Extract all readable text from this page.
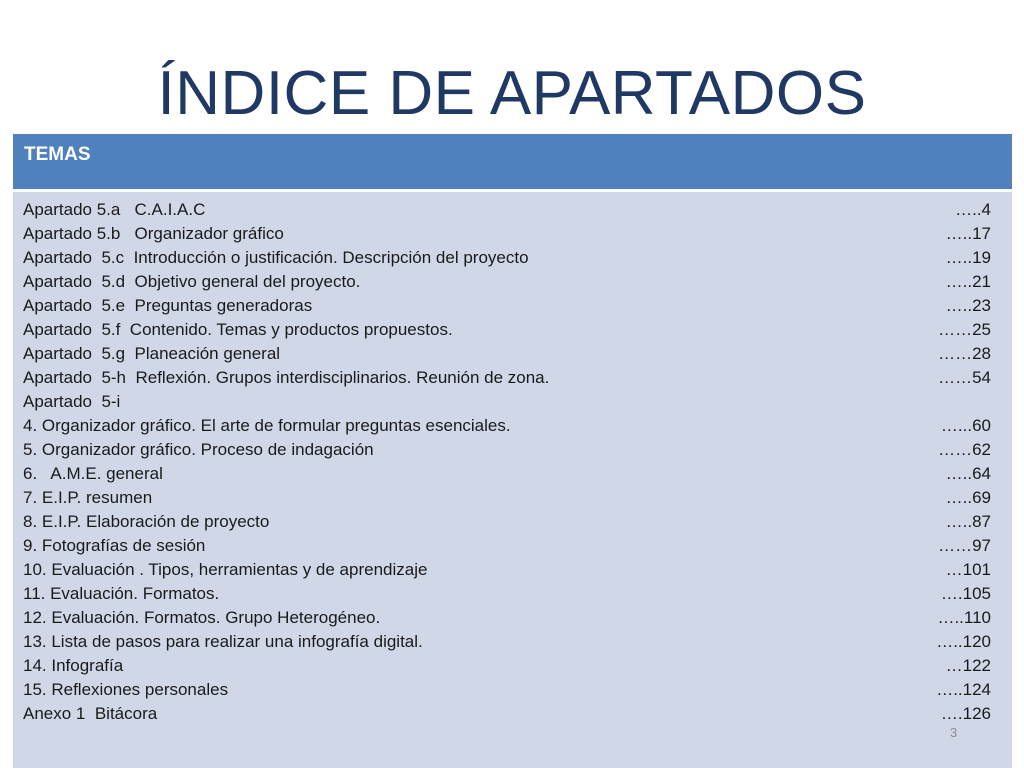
ÍNDICE DE APARTADOS
TEMAS
Apartado 5.a   C.A.I.A.C	…..4
Apartado 5.b   Organizador gráfico	…..17
Apartado  5.c  Introducción o justificación. Descripción del proyecto	…..19
Apartado  5.d  Objetivo general del proyecto.	…..21
Apartado  5.e  Preguntas generadoras	…..23
Apartado  5.f  Contenido. Temas y productos propuestos.	……25
Apartado  5.g  Planeación general	……28
Apartado  5-h  Reflexión. Grupos interdisciplinarios. Reunión de zona.	……54
Apartado  5-i
4. Organizador gráfico. El arte de formular preguntas esenciales.	…...60
5. Organizador gráfico. Proceso de indagación	……62
6.   A.M.E. general	…..64
7. E.I.P. resumen	…..69
8. E.I.P. Elaboración de proyecto	…..87
9. Fotografías de sesión	……97
10. Evaluación . Tipos, herramientas y de aprendizaje	…101
11. Evaluación. Formatos.	….105
12. Evaluación. Formatos. Grupo Heterogéneo.	…..110
13. Lista de pasos para realizar una infografía digital.	…..120
14. Infografía	…122
15. Reflexiones personales	…..124
Anexo 1  Bitácora	….126
3
